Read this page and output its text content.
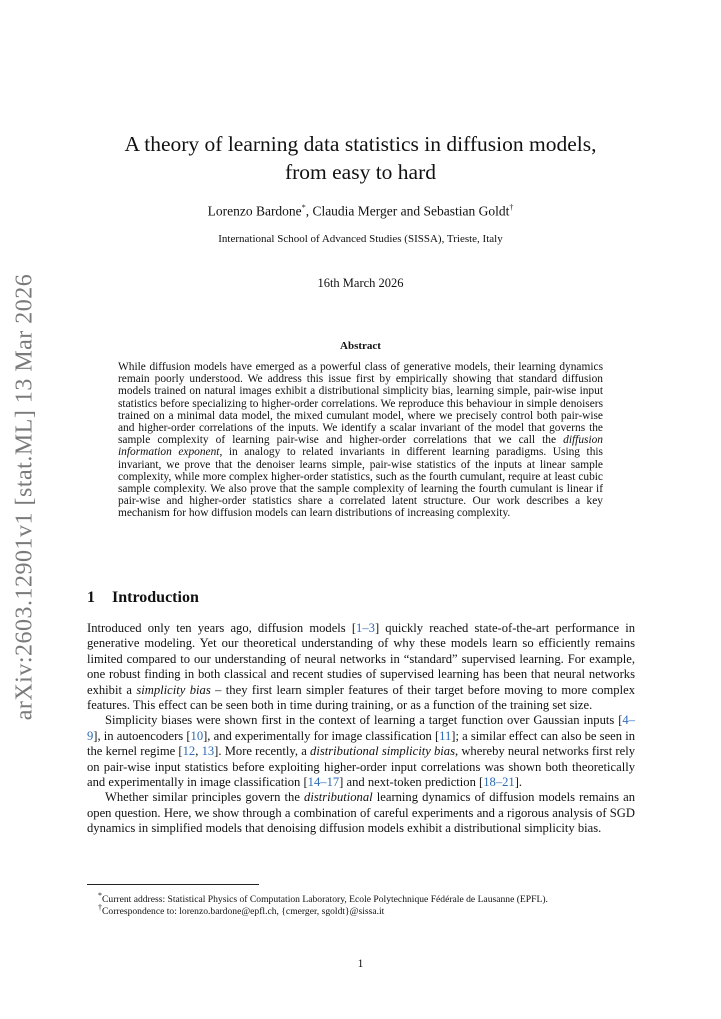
arXiv:2603.12901v1 [stat.ML] 13 Mar 2026
A theory of learning data statistics in diffusion models,
from easy to hard
Lorenzo Bardone*, Claudia Merger and Sebastian Goldt†
International School of Advanced Studies (SISSA), Trieste, Italy
16th March 2026
Abstract
While diffusion models have emerged as a powerful class of generative models, their learning dynamics remain poorly understood. We address this issue first by empirically showing that standard diffusion models trained on natural images exhibit a distributional simplicity bias, learning simple, pair-wise input statistics before specializing to higher-order correlations. We reproduce this behaviour in simple denoisers trained on a minimal data model, the mixed cumulant model, where we precisely control both pair-wise and higher-order correlations of the inputs. We identify a scalar invariant of the model that governs the sample complexity of learning pair-wise and higher-order correlations that we call the diffusion information exponent, in analogy to related invariants in different learning paradigms. Using this invariant, we prove that the denoiser learns simple, pair-wise statistics of the inputs at linear sample complexity, while more complex higher-order statistics, such as the fourth cumulant, require at least cubic sample complexity. We also prove that the sample complexity of learning the fourth cumulant is linear if pair-wise and higher-order statistics share a correlated latent structure. Our work describes a key mechanism for how diffusion models can learn distributions of increasing complexity.
1 Introduction

Introduced only ten years ago, diffusion models [1–3] quickly reached state-of-the-art performance in generative modeling. Yet our theoretical understanding of why these models learn so efficiently remains limited compared to our understanding of neural networks in “standard” supervised learning. For example, one robust finding in both classical and recent studies of supervised learning has been that neural networks exhibit a simplicity bias – they first learn simpler features of their target before moving to more complex features. This effect can be seen both in time during training, or as a function of the training set size.

Simplicity biases were shown first in the context of learning a target function over Gaussian inputs [4–9], in autoencoders [10], and experimentally for image classification [11]; a similar effect can also be seen in the kernel regime [12, 13]. More recently, a distributional simplicity bias, whereby neural networks first rely on pair-wise input statistics before exploiting higher-order input correlations was shown both theoretically and experimentally in image classification [14–17] and next-token prediction [18–21].

Whether similar principles govern the distributional learning dynamics of diffusion models remains an open question. Here, we show through a combination of careful experiments and a rigorous analysis of SGD dynamics in simplified models that denoising diffusion models exhibit a distributional simplicity bias.

*Current address: Statistical Physics of Computation Laboratory, Ecole Polytechnique Fédérale de Lausanne (EPFL).
†Correspondence to: lorenzo.bardone@epfl.ch, {cmerger, sgoldt}@sissa.it
1
